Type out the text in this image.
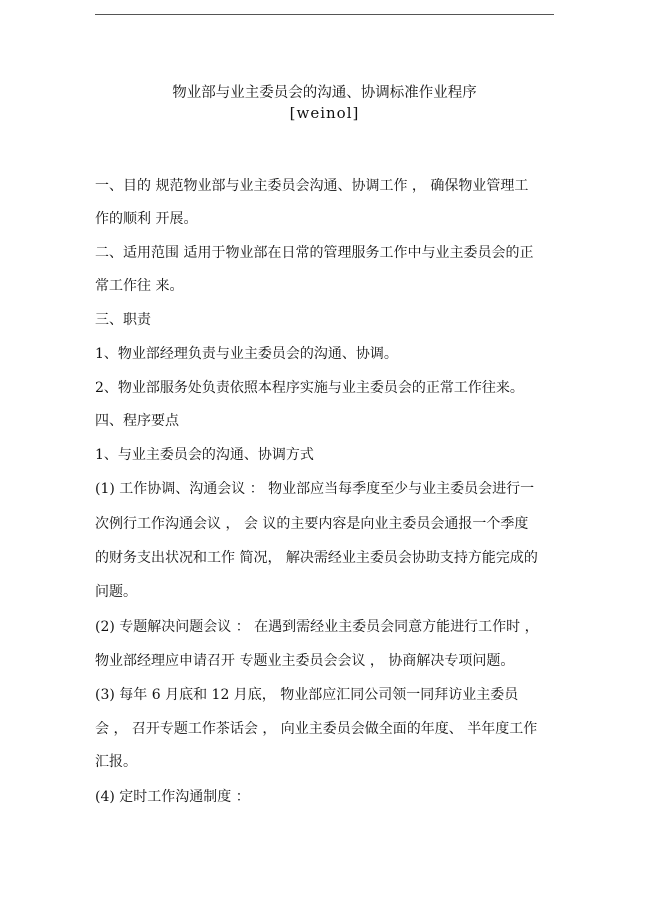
物业部与业主委员会的沟通、协调标准作业程序
[weinol]
一、目的 规范物业部与业主委员会沟通、协调工作 ， 确保物业管理工
作的顺利 开展。
二、适用范围 适用于物业部在日常的管理服务工作中与业主委员会的正
常工作往 来。
三、职责
1、物业部经理负责与业主委员会的沟通、协调。
2、物业部服务处负责依照本程序实施与业主委员会的正常工作往来。
四、程序要点
1、与业主委员会的沟通、协调方式
(1) 工作协调、沟通会议 ： 物业部应当每季度至少与业主委员会进行一
次例行工作沟通会议 ， 会 议的主要内容是向业主委员会通报一个季度
的财务支出状况和工作 简况， 解决需经业主委员会协助支持方能完成的
问题。
(2) 专题解决问题会议 ： 在遇到需经业主委员会同意方能进行工作时 ，
物业部经理应申请召开 专题业主委员会会议 ， 协商解决专项问题。
(3) 每年 6 月底和 12 月底， 物业部应汇同公司领一同拜访业主委员
会 ， 召开专题工作茶话会 ， 向业主委员会做全面的年度、 半年度工作
汇报。
(4) 定时工作沟通制度 ：
